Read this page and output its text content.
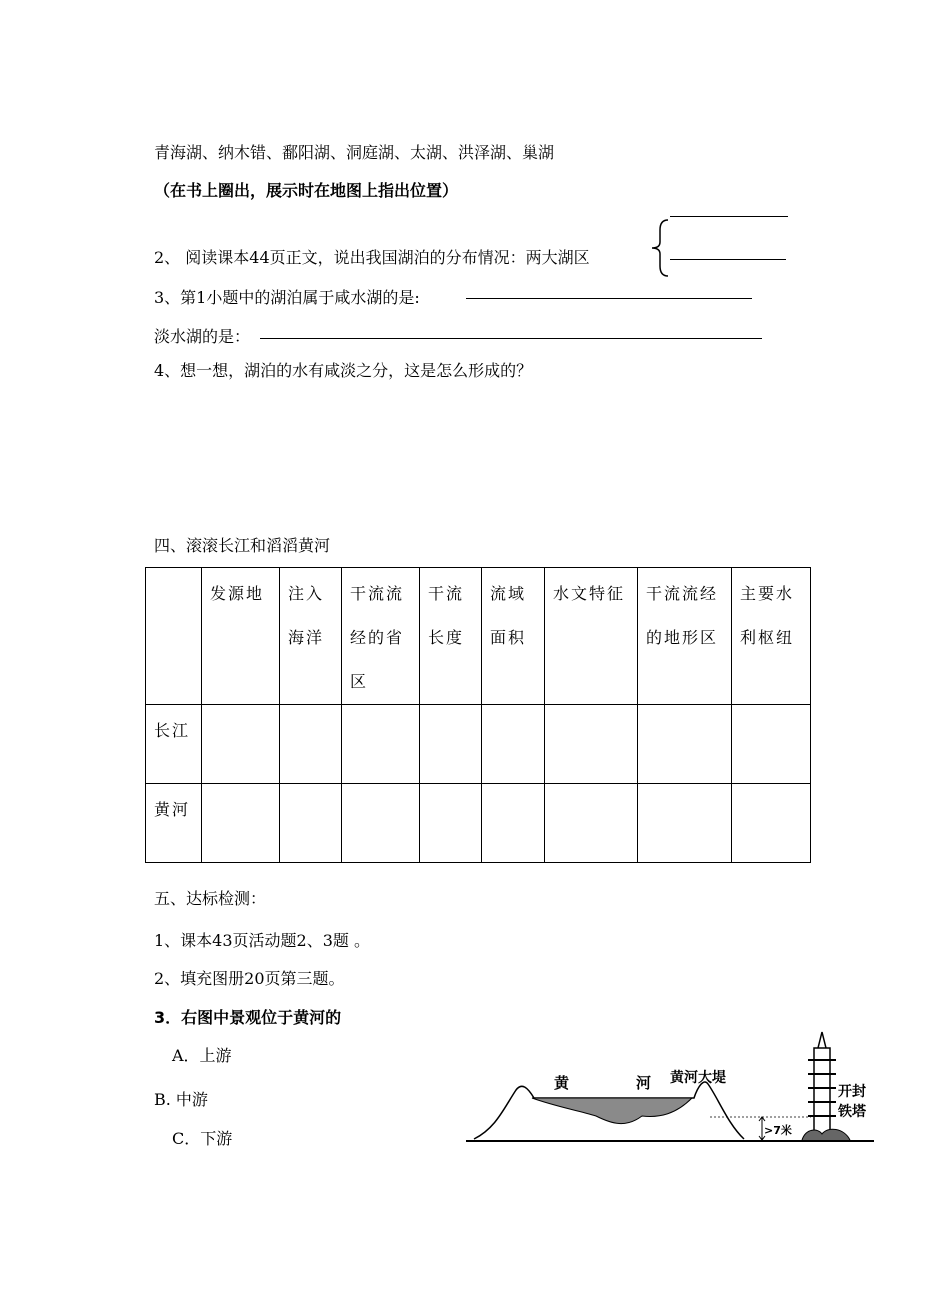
青海湖、纳木错、鄱阳湖、洞庭湖、太湖、洪泽湖、巢湖
（在书上圈出，展示时在地图上指出位置）
2、 阅读课本44页正文，说出我国湖泊的分布情况：两大湖区
3、第1小题中的湖泊属于咸水湖的是:
淡水湖的是：
4、想一想，湖泊的水有咸淡之分，这是怎么形成的？
四、滚滚长江和滔滔黄河
	发源地	注入海洋	干流流经的省区	干流长度	流域面积	水文特征	干流流经的地形区	主要水利枢纽
长江								
黄河								
五、达标检测：
1、课本43页活动题2、3题 。
2、填充图册20页第三题。
3．右图中景观位于黄河的
A．上游
B. 中游
C．下游
黄	河 黄河大堤
>7米
开封
铁塔
